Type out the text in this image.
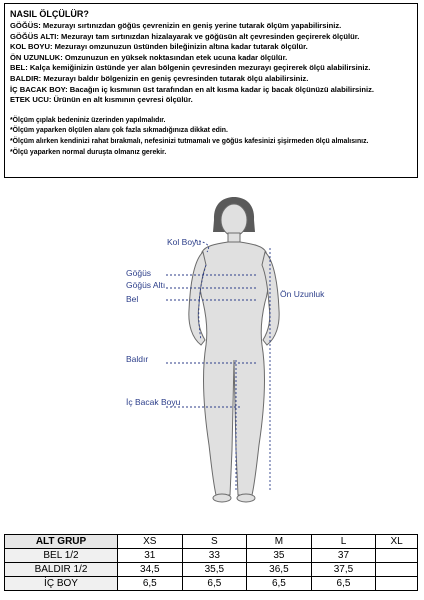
NASIL ÖLÇÜLÜR?
GÖĞÜS: Mezurayı sırtınızdan göğüs çevrenizin en geniş yerine tutarak ölçüm yapabilirsiniz.
GÖĞÜS ALTI: Mezurayı tam sırtınızdan hizalayarak ve göğüsün alt çevresinden geçirerek ölçülür.
KOL BOYU: Mezurayı omzunuzun üstünden bileğinizin altına kadar tutarak ölçülür.
ÖN UZUNLUK: Omzunuzun en yüksek noktasından etek ucuna kadar ölçülür.
BEL: Kalça kemiğinizin üstünde yer alan bölgenin çevresinden mezurayı geçirerek ölçü alabilirsiniz.
BALDIR: Mezurayı baldır bölgenizin en geniş çevresinden tutarak ölçü alabilirsiniz.
İÇ BACAK BOY: Bacağın iç kısmının üst tarafından en alt kısma kadar iç bacak ölçünüzü alabilirsiniz.
ETEK UCU: Ürünün en alt kısmının çevresi ölçülür.
*Ölçüm çıplak bedeniniz üzerinden yapılmalıdır.
*Ölçüm yaparken ölçülen alanı çok fazla sıkmadığınıza dikkat edin.
*Ölçüm alırken kendinizi rahat bırakmalı, nefesinizi tutmamalı ve göğüs kafesinizi şişirmeden ölçü almalısınız.
*Ölçü yaparken normal duruşta olmanız gerekir.
Kol Boyu
Göğüs
Göğüs Altı
Bel	Ön Uzunluk
Baldır
İç Bacak Boyu
ALT GRUP	XS	S	M	L	XL
BEL 1/2	31	33	35	37	
BALDIR 1/2	34,5	35,5	36,5	37,5	
İÇ BOY	6,5	6,5	6,5	6,5	
